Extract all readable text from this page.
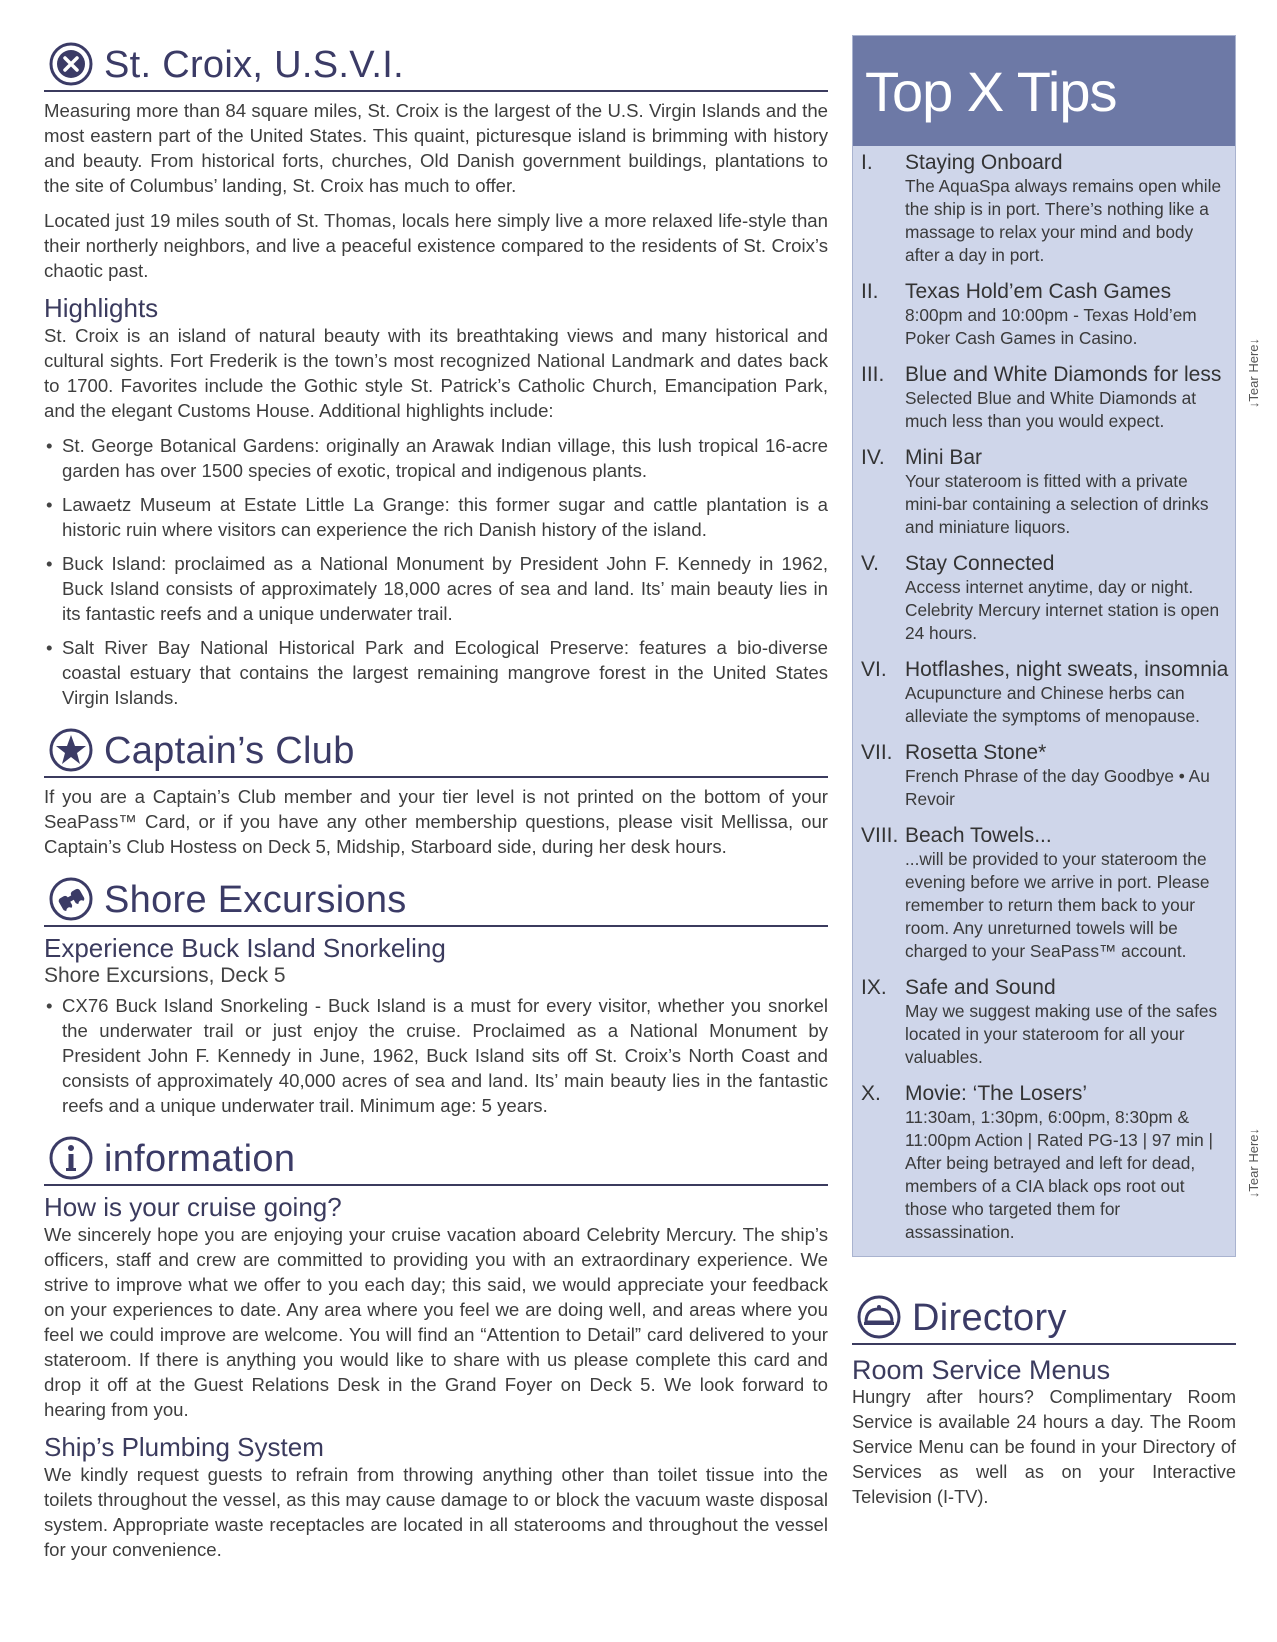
St. Croix, U.S.V.I.

Measuring more than 84 square miles, St. Croix is the largest of the U.S. Virgin Islands and the most eastern part of the United States. This quaint, picturesque island is brimming with history and beauty. From historical forts, churches, Old Danish government buildings, plantations to the site of Columbus’ landing, St. Croix has much to offer.

Located just 19 miles south of St. Thomas, locals here simply live a more relaxed life-style than their northerly neighbors, and live a peaceful existence compared to the residents of St. Croix’s chaotic past.

Highlights

St. Croix is an island of natural beauty with its breathtaking views and many historical and cultural sights. Fort Frederik is the town’s most recognized National Landmark and dates back to 1700. Favorites include the Gothic style St. Patrick’s Catholic Church, Emancipation Park, and the elegant Customs House. Additional highlights include:

• St. George Botanical Gardens: originally an Arawak Indian village, this lush tropical 16-acre garden has over 1500 species of exotic, tropical and indigenous plants.
• Lawaetz Museum at Estate Little La Grange: this former sugar and cattle plantation is a historic ruin where visitors can experience the rich Danish history of the island.
• Buck Island: proclaimed as a National Monument by President John F. Kennedy in 1962, Buck Island consists of approximately 18,000 acres of sea and land. Its’ main beauty lies in its fantastic reefs and a unique underwater trail.
• Salt River Bay National Historical Park and Ecological Preserve: features a bio-diverse coastal estuary that contains the largest remaining mangrove forest in the United States Virgin Islands.
Captain’s Club

If you are a Captain’s Club member and your tier level is not printed on the bottom of your SeaPass™ Card, or if you have any other membership questions, please visit Mellissa, our Captain’s Club Hostess on Deck 5, Midship, Starboard side, during her desk hours.

Shore Excursions
Experience Buck Island Snorkeling
Shore Excursions, Deck 5
• CX76 Buck Island Snorkeling - Buck Island is a must for every visitor, whether you snorkel the underwater trail or just enjoy the cruise. Proclaimed as a National Monument by President John F. Kennedy in June, 1962, Buck Island sits off St. Croix’s North Coast and consists of approximately 40,000 acres of sea and land. Its’ main beauty lies in the fantastic reefs and a unique underwater trail. Minimum age: 5 years.
information
How is your cruise going?

We sincerely hope you are enjoying your cruise vacation aboard Celebrity Mercury. The ship’s officers, staff and crew are committed to providing you with an extraordinary experience. We strive to improve what we offer to you each day; this said, we would appreciate your feedback on your experiences to date. Any area where you feel we are doing well, and areas where you feel we could improve are welcome. You will find an “Attention to Detail” card delivered to your stateroom. If there is anything you would like to share with us please complete this card and drop it off at the Guest Relations Desk in the Grand Foyer on Deck 5. We look forward to hearing from you.

Ship’s Plumbing System

We kindly request guests to refrain from throwing anything other than toilet tissue into the toilets throughout the vessel, as this may cause damage to or block the vacuum waste disposal system. Appropriate waste receptacles are located in all staterooms and throughout the vessel for your convenience.

Top X Tips
I.	Staying Onboard
The AquaSpa always remains open while the ship is in port. There’s nothing like a massage to relax your mind and body after a day in port.
II.	Texas Hold’em Cash Games
8:00pm and 10:00pm - Texas Hold’em Poker Cash Games in Casino.
III. Blue and White Diamonds for less
Selected Blue and White Diamonds at much less than you would expect.
IV. Mini Bar
Your stateroom is fitted with a private mini-bar containing a selection of drinks and miniature liquors.
V.	Stay Connected
Access internet anytime, day or night. Celebrity Mercury internet station is open 24 hours.
VI. Hotflashes, night sweats, insomnia
Acupuncture and Chinese herbs can alleviate the symptoms of menopause.
VII. Rosetta Stone*
French Phrase of the day Goodbye • Au Revoir
VIII. Beach Towels...
...will be provided to your stateroom the evening before we arrive in port. Please remember to return them back to your room. Any unreturned towels will be charged to your SeaPass™ account.
IX. Safe and Sound
May we suggest making use of the safes located in your stateroom for all your valuables.
X.	Movie: ‘The Losers’
11:30am, 1:30pm, 6:00pm, 8:30pm & 11:00pm Action | Rated PG-13 | 97 min | After being betrayed and left for dead, members of a CIA black ops root out those who targeted them for assassination.
Directory
Room Service Menus

Hungry after hours? Complimentary Room Service is available 24 hours a day. The Room Service Menu can be found in your Directory of Services as well as on your Interactive Television (I-TV).

↓Tear Here↓
↓Tear Here↓
